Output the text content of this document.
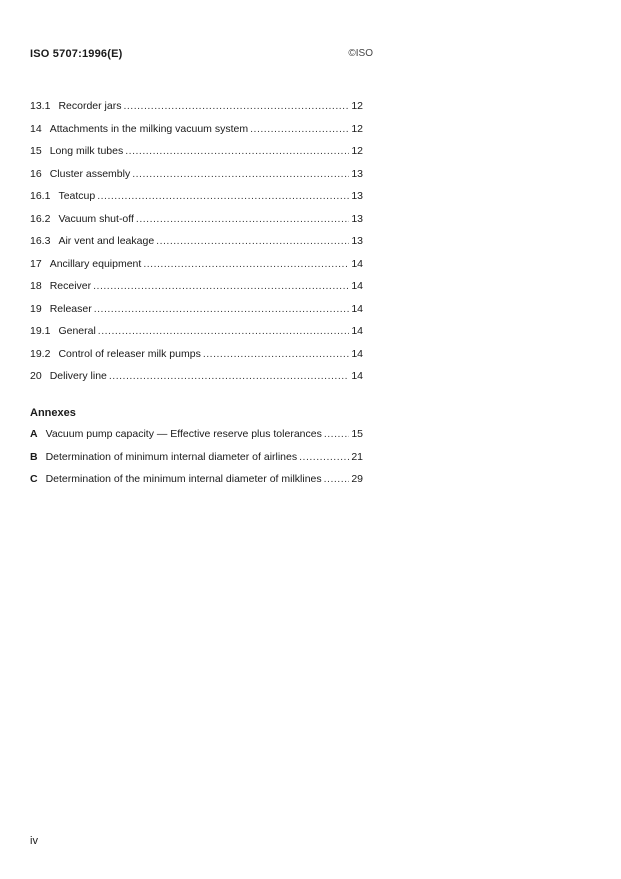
ISO 5707:1996(E)	©ISO
13.1 Recorder jars .....	12
14 Attachments in the milking vacuum system .....	12
15 Long milk tubes .....	12
16 Cluster assembly .....	13
16.1 Teatcup .....	13
16.2 Vacuum shut-off .....	13
16.3 Air vent and leakage .....	13
17 Ancillary equipment .....	14
18 Receiver .....	14
19 Releaser .....	14
19.1 General .....	14
19.2 Control of releaser milk pumps .....	14
20 Delivery line .....	14
Annexes
A Vacuum pump capacity — Effective reserve plus tolerances .....	15
B Determination of minimum internal diameter of airlines .....	21
C Determination of the minimum internal diameter of milklines .....	29
iv
